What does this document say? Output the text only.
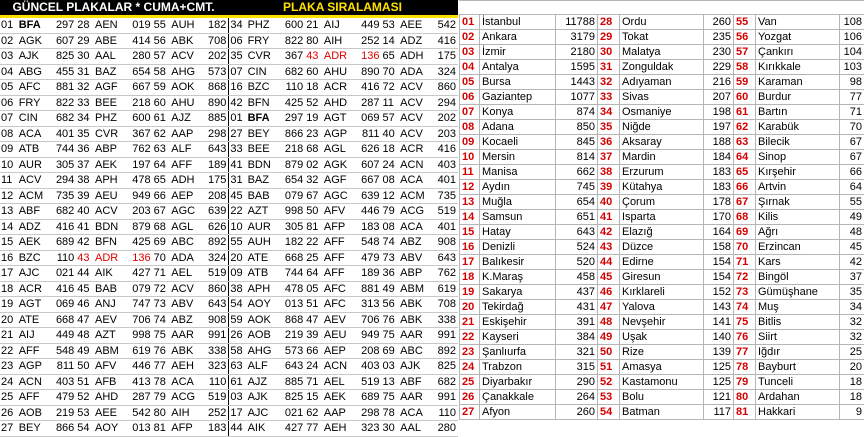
GÜNCEL PLAKALAR * CUMA+CMT.	PLAKA SIRALAMASI
01	BFA	297	28	AEN	019	55	AUH	182	34	PHZ	600	21	AIJ	449	53	AEE	542
02	AGK	607	29	ABE	414	56	ABK	708	06	FRY	822	80	AIH	252	14	ADZ	416
03	AJK	825	30	AAL	280	57	ACV	202	35	CVR	367	43	ADR	136	65	ADH	175
04	ABG	455	31	BAZ	654	58	AHG	573	07	CIN	682	60	AHU	890	70	ADA	324
05	AFC	881	32	AGF	667	59	AOK	868	16	BZC	110	18	ACR	416	72	ACV	860
06	FRY	822	33	BEE	218	60	AHU	890	42	BFN	425	52	AHD	287	11	ACV	294
07	CIN	682	34	PHZ	600	61	AJZ	885	01	BFA	297	19	AGT	069	57	ACV	202
08	ACA	401	35	CVR	367	62	AAP	298	27	BEY	866	23	AGP	811	40	ACV	203
09	ATB	744	36	ABP	762	63	ALF	643	33	BEE	218	68	AGL	626	18	ACR	416
10	AUR	305	37	AEK	197	64	AFF	189	41	BDN	879	02	AGK	607	24	ACN	403
11	ACV	294	38	APH	478	65	ADH	175	31	BAZ	654	32	AGF	667	08	ACA	401
12	ACM	735	39	AEU	949	66	AEP	208	45	BAB	079	67	AGC	639	12	ACM	735
13	ABF	682	40	ACV	203	67	AGC	639	22	AZT	998	50	AFV	446	79	ACG	519
14	ADZ	416	41	BDN	879	68	AGL	626	10	AUR	305	81	AFP	183	08	ACA	401
15	AEK	689	42	BFN	425	69	ABC	892	55	AUH	182	22	AFF	548	74	ABZ	908
16	BZC	110	43	ADR	136	70	ADA	324	20	ATE	668	25	AFF	479	73	ABV	643
17	AJC	021	44	AIK	427	71	AEL	519	09	ATB	744	64	AFF	189	36	ABP	762
18	ACR	416	45	BAB	079	72	ACV	860	38	APH	478	05	AFC	881	49	ABM	619
19	AGT	069	46	ANJ	747	73	ABV	643	54	AOY	013	51	AFC	313	56	ABK	708
20	ATE	668	47	AEV	706	74	ABZ	908	59	AOK	868	47	AEV	706	76	ABK	338
21	AIJ	449	48	AZT	998	75	AAR	991	26	AOB	219	39	AEU	949	75	AAR	991
22	AFF	548	49	ABM	619	76	ABK	338	58	AHG	573	66	AEP	208	69	ABC	892
23	AGP	811	50	AFV	446	77	AEH	323	63	ALF	643	24	ACN	403	03	AJK	825
24	ACN	403	51	AFB	413	78	ACA	110	61	AJZ	885	71	AEL	519	13	ABF	682
25	AFF	479	52	AHD	287	79	ACG	519	03	AJK	825	15	AEK	689	75	AAR	991
26	AOB	219	53	AEE	542	80	AIH	252	17	AJC	021	62	AAP	298	78	ACA	110
27	BEY	866	54	AOY	013	81	AFP	183	44	AIK	427	77	AEH	323	30	AAL	280
01	İstanbul	11788	28	Ordu	260	55	Van	108
02	Ankara	3179	29	Tokat	235	56	Yozgat	106
03	İzmir	2180	30	Malatya	230	57	Çankırı	104
04	Antalya	1595	31	Zonguldak	229	58	Kırıkkale	103
05	Bursa	1443	32	Adıyaman	216	59	Karaman	98
06	Gaziantep	1077	33	Sivas	207	60	Burdur	77
07	Konya	874	34	Osmaniye	198	61	Bartın	71
08	Adana	850	35	Niğde	197	62	Karabük	70
09	Kocaeli	845	36	Aksaray	188	63	Bilecik	67
10	Mersin	814	37	Mardin	184	64	Sinop	67
11	Manisa	662	38	Erzurum	183	65	Kırşehir	66
12	Aydın	745	39	Kütahya	183	66	Artvin	64
13	Muğla	654	40	Çorum	178	67	Şırnak	55
14	Samsun	651	41	Isparta	170	68	Kilis	49
15	Hatay	643	42	Elazığ	164	69	Ağrı	48
16	Denizli	524	43	Düzce	158	70	Erzincan	45
17	Balıkesir	520	44	Edirne	154	71	Kars	42
18	K.Maraş	458	45	Giresun	154	72	Bingöl	37
19	Sakarya	437	46	Kırklareli	152	73	Gümüşhane	35
20	Tekirdağ	431	47	Yalova	143	74	Muş	34
21	Eskişehir	391	48	Nevşehir	141	75	Bitlis	32
22	Kayseri	384	49	Uşak	140	76	Siirt	32
23	Şanlıurfa	321	50	Rize	139	77	Iğdır	25
24	Trabzon	315	51	Amasya	125	78	Bayburt	20
25	Diyarbakır	290	52	Kastamonu	125	79	Tunceli	18
26	Çanakkale	264	53	Bolu	121	80	Ardahan	18
27	Afyon	260	54	Batman	117	81	Hakkari	9
